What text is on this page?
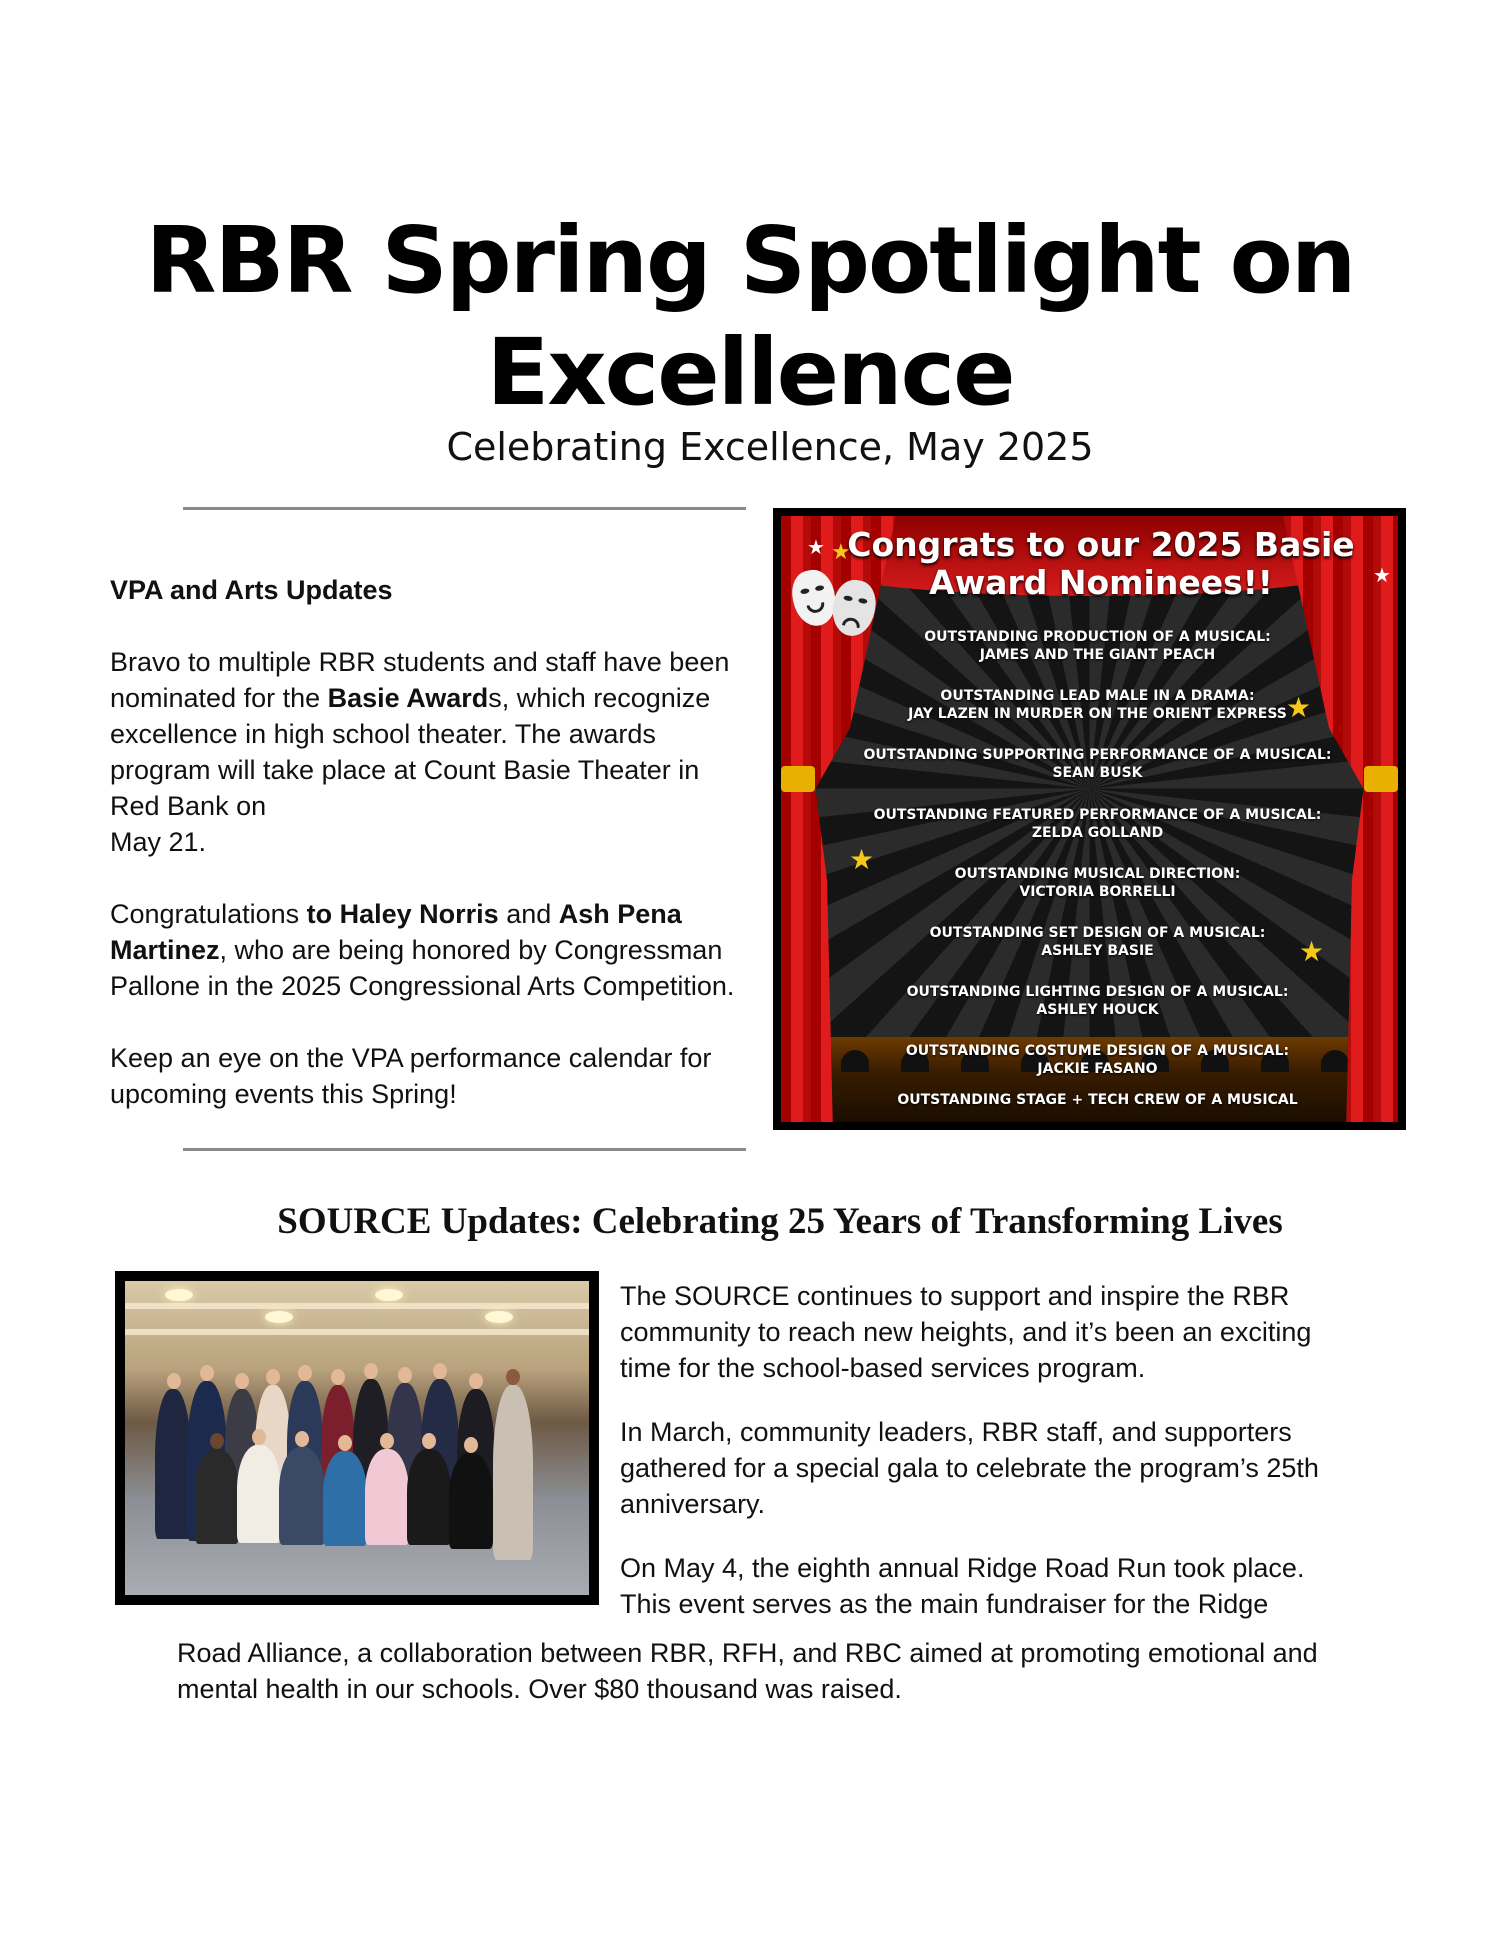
RBR Spring Spotlight on Excellence
Celebrating Excellence, May 2025
VPA and Arts Updates

Bravo to multiple RBR students and staff have been nominated for the Basie Awards, which recognize excellence in high school theater. The awards program will take place at Count Basie Theater in Red Bank on
May 21.

Congratulations to Haley Norris and Ash Pena Martinez, who are being honored by Congressman Pallone in the 2025 Congressional Arts Competition.

Keep an eye on the VPA performance calendar for upcoming events this Spring!

★ ★
★
★
★
★
Congrats to our 2025 Basie Award Nominees!!
OUTSTANDING PRODUCTION OF A MUSICAL:
JAMES AND THE GIANT PEACH
OUTSTANDING LEAD MALE IN A DRAMA:
JAY LAZEN IN MURDER ON THE ORIENT EXPRESS
OUTSTANDING SUPPORTING PERFORMANCE OF A MUSICAL:
SEAN BUSK
OUTSTANDING FEATURED PERFORMANCE OF A MUSICAL:
ZELDA GOLLAND
OUTSTANDING MUSICAL DIRECTION:
VICTORIA BORRELLI
OUTSTANDING SET DESIGN OF A MUSICAL:
ASHLEY BASIE
OUTSTANDING LIGHTING DESIGN OF A MUSICAL:
ASHLEY HOUCK
OUTSTANDING COSTUME DESIGN OF A MUSICAL:
JACKIE FASANO
OUTSTANDING STAGE + TECH CREW OF A MUSICAL
SOURCE Updates: Celebrating 25 Years of Transforming Lives

The SOURCE continues to support and inspire the RBR community to reach new heights, and it’s been an exciting time for the school-based services program.

In March, community leaders, RBR staff, and supporters gathered for a special gala to celebrate the program’s 25th anniversary.

On May 4, the eighth annual Ridge Road Run took place. This event serves as the main fundraiser for the Ridge

Road Alliance, a collaboration between RBR, RFH, and RBC aimed at promoting emotional and mental health in our schools. Over $80 thousand was raised.
